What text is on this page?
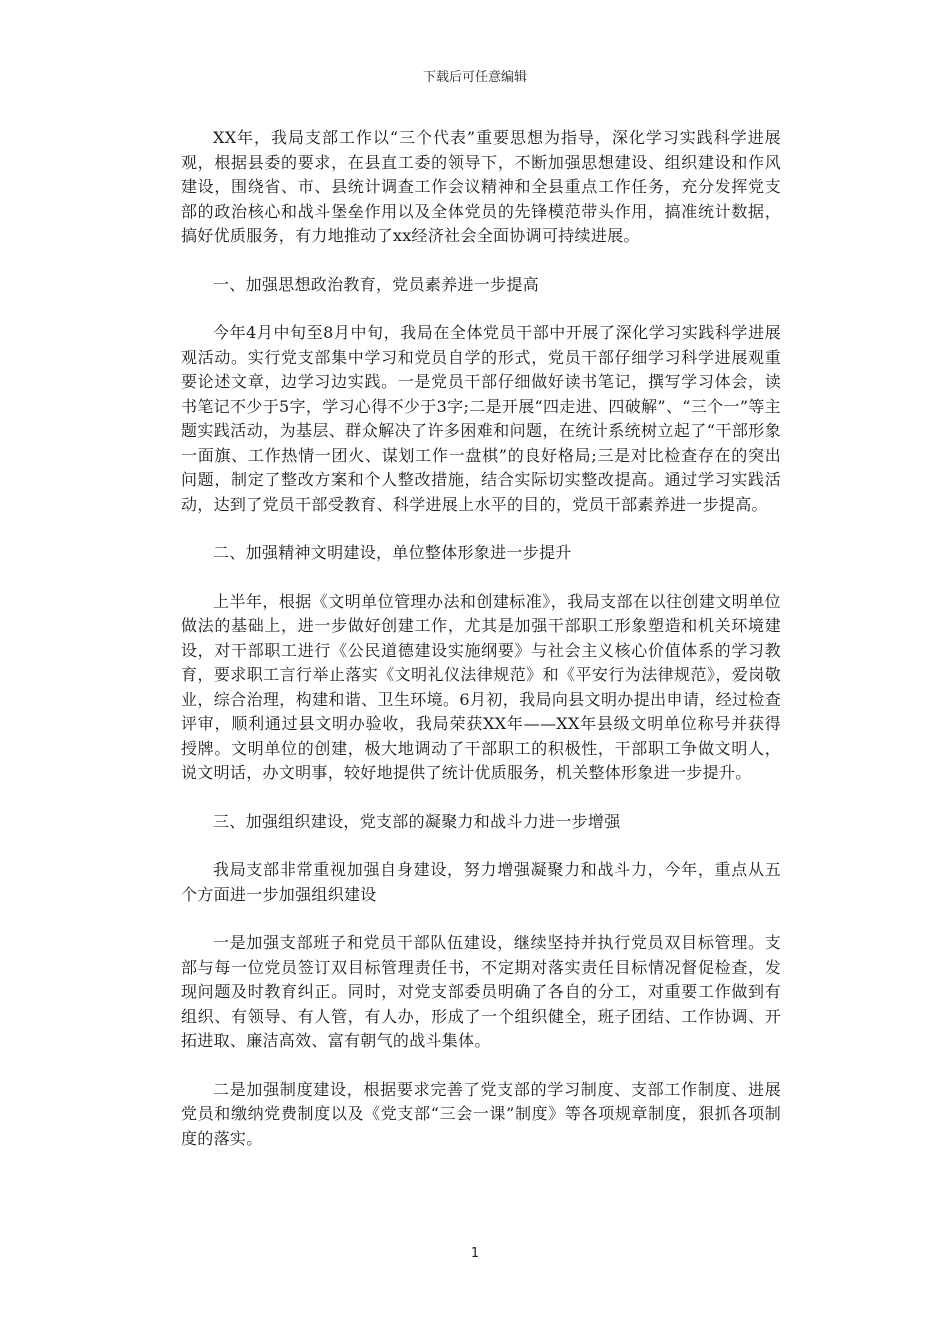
下载后可任意编辑

XX年，我局支部工作以“三个代表”重要思想为指导，深化学习实践科学进展观，根据县委的要求，在县直工委的领导下，不断加强思想建设、组织建设和作风建设，围绕省、市、县统计调查工作会议精神和全县重点工作任务，充分发挥党支部的政治核心和战斗堡垒作用以及全体党员的先锋模范带头作用，搞准统计数据，搞好优质服务，有力地推动了xx经济社会全面协调可持续进展。

一、加强思想政治教育，党员素养进一步提高

今年4月中旬至8月中旬，我局在全体党员干部中开展了深化学习实践科学进展观活动。实行党支部集中学习和党员自学的形式，党员干部仔细学习科学进展观重要论述文章，边学习边实践。一是党员干部仔细做好读书笔记，撰写学习体会，读书笔记不少于5字，学习心得不少于3字;二是开展“四走进、四破解”、“三个一”等主题实践活动，为基层、群众解决了许多困难和问题，在统计系统树立起了“干部形象一面旗、工作热情一团火、谋划工作一盘棋”的良好格局;三是对比检查存在的突出问题，制定了整改方案和个人整改措施，结合实际切实整改提高。通过学习实践活动，达到了党员干部受教育、科学进展上水平的目的，党员干部素养进一步提高。

二、加强精神文明建设，单位整体形象进一步提升

上半年，根据《文明单位管理办法和创建标准》，我局支部在以往创建文明单位做法的基础上，进一步做好创建工作，尤其是加强干部职工形象塑造和机关环境建设，对干部职工进行《公民道德建设实施纲要》与社会主义核心价值体系的学习教育，要求职工言行举止落实《文明礼仪法律规范》和《平安行为法律规范》，爱岗敬业，综合治理，构建和谐、卫生环境。6月初，我局向县文明办提出申请，经过检查评审，顺利通过县文明办验收，我局荣获XX年——XX年县级文明单位称号并获得授牌。文明单位的创建，极大地调动了干部职工的积极性，干部职工争做文明人，说文明话，办文明事，较好地提供了统计优质服务，机关整体形象进一步提升。

三、加强组织建设，党支部的凝聚力和战斗力进一步增强

我局支部非常重视加强自身建设，努力增强凝聚力和战斗力，今年，重点从五个方面进一步加强组织建设

一是加强支部班子和党员干部队伍建设，继续坚持并执行党员双目标管理。支部与每一位党员签订双目标管理责任书，不定期对落实责任目标情况督促检查，发现问题及时教育纠正。同时，对党支部委员明确了各自的分工，对重要工作做到有组织、有领导、有人管，有人办，形成了一个组织健全，班子团结、工作协调、开拓进取、廉洁高效、富有朝气的战斗集体。

二是加强制度建设，根据要求完善了党支部的学习制度、支部工作制度、进展党员和缴纳党费制度以及《党支部“三会一课”制度》等各项规章制度，狠抓各项制度的落实。

1
